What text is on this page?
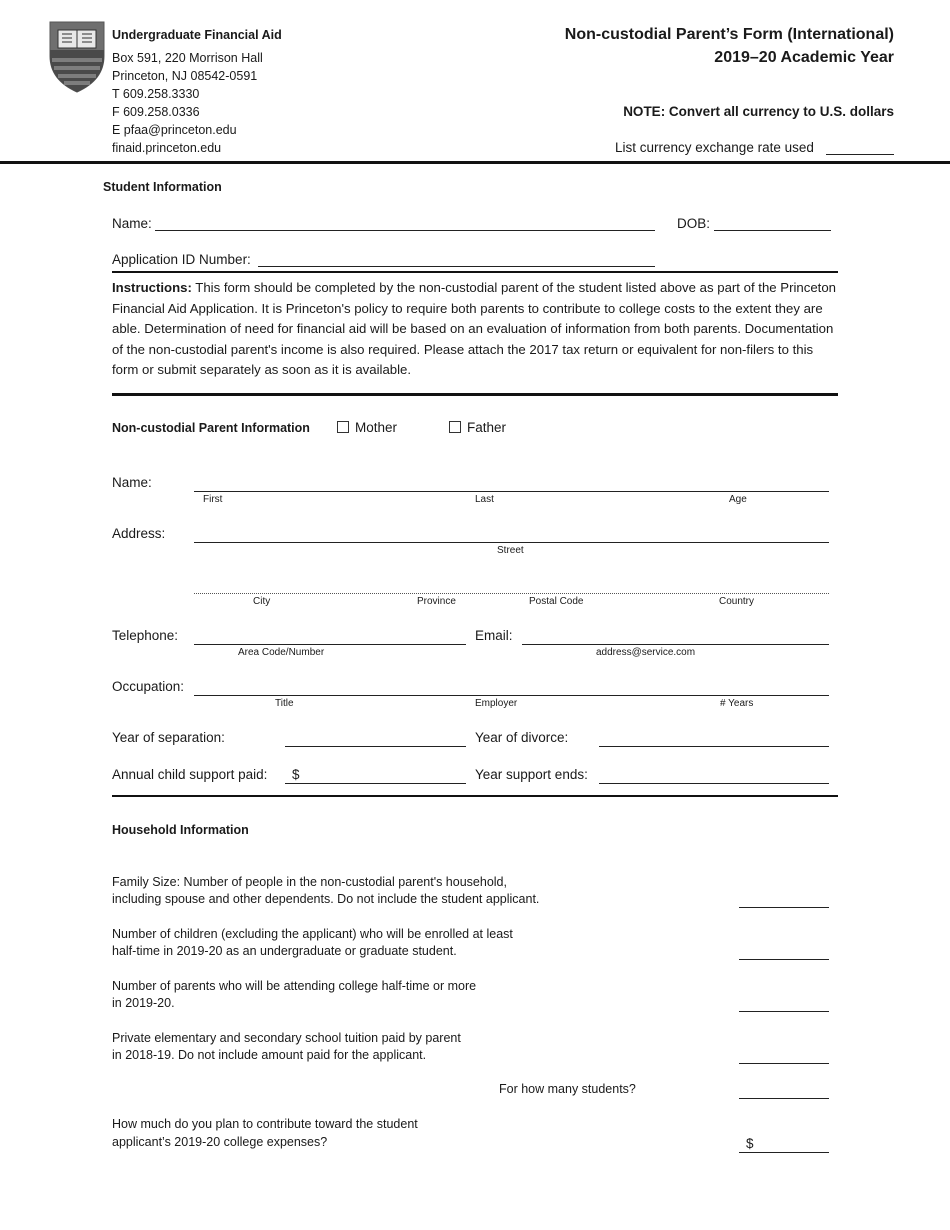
Undergraduate Financial Aid
Box 591, 220 Morrison Hall
Princeton, NJ 08542-0591
T 609.258.3330
F 609.258.0336
E pfaa@princeton.edu
finaid.princeton.edu
Non-custodial Parent’s Form (International)
2019–20 Academic Year
NOTE: Convert all currency to U.S. dollars
List currency exchange rate used
Student Information
Name:	DOB:
Application ID Number:
Instructions: This form should be completed by the non-custodial parent of the student listed above as part of the Princeton Financial Aid Application. It is Princeton's policy to require both parents to contribute to college costs to the extent they are able. Determination of need for financial aid will be based on an evaluation of information from both parents. Documentation of the non-custodial parent's income is also required. Please attach the 2017 tax return or equivalent for non-filers to this form or submit separately as soon as it is available.
Non-custodial Parent Information	Mother	Father
Name:
First	Last	Age
Address:
Street
City	Province	Postal Code	Country
Telephone:
Area Code/Number
Email:
address@service.com
Occupation:
Title	Employer	# Years
Year of separation:	Year of divorce:
Annual child support paid: $	Year support ends:
Household Information
Family Size: Number of people in the non-custodial parent's household,
including spouse and other dependents. Do not include the student applicant.
Number of children (excluding the applicant) who will be enrolled at least
half-time in 2019-20 as an undergraduate or graduate student.
Number of parents who will be attending college half-time or more
in 2019-20.
Private elementary and secondary school tuition paid by parent
in 2018-19. Do not include amount paid for the applicant.
For how many students?
How much do you plan to contribute toward the student
applicant’s 2019-20 college expenses?	$
